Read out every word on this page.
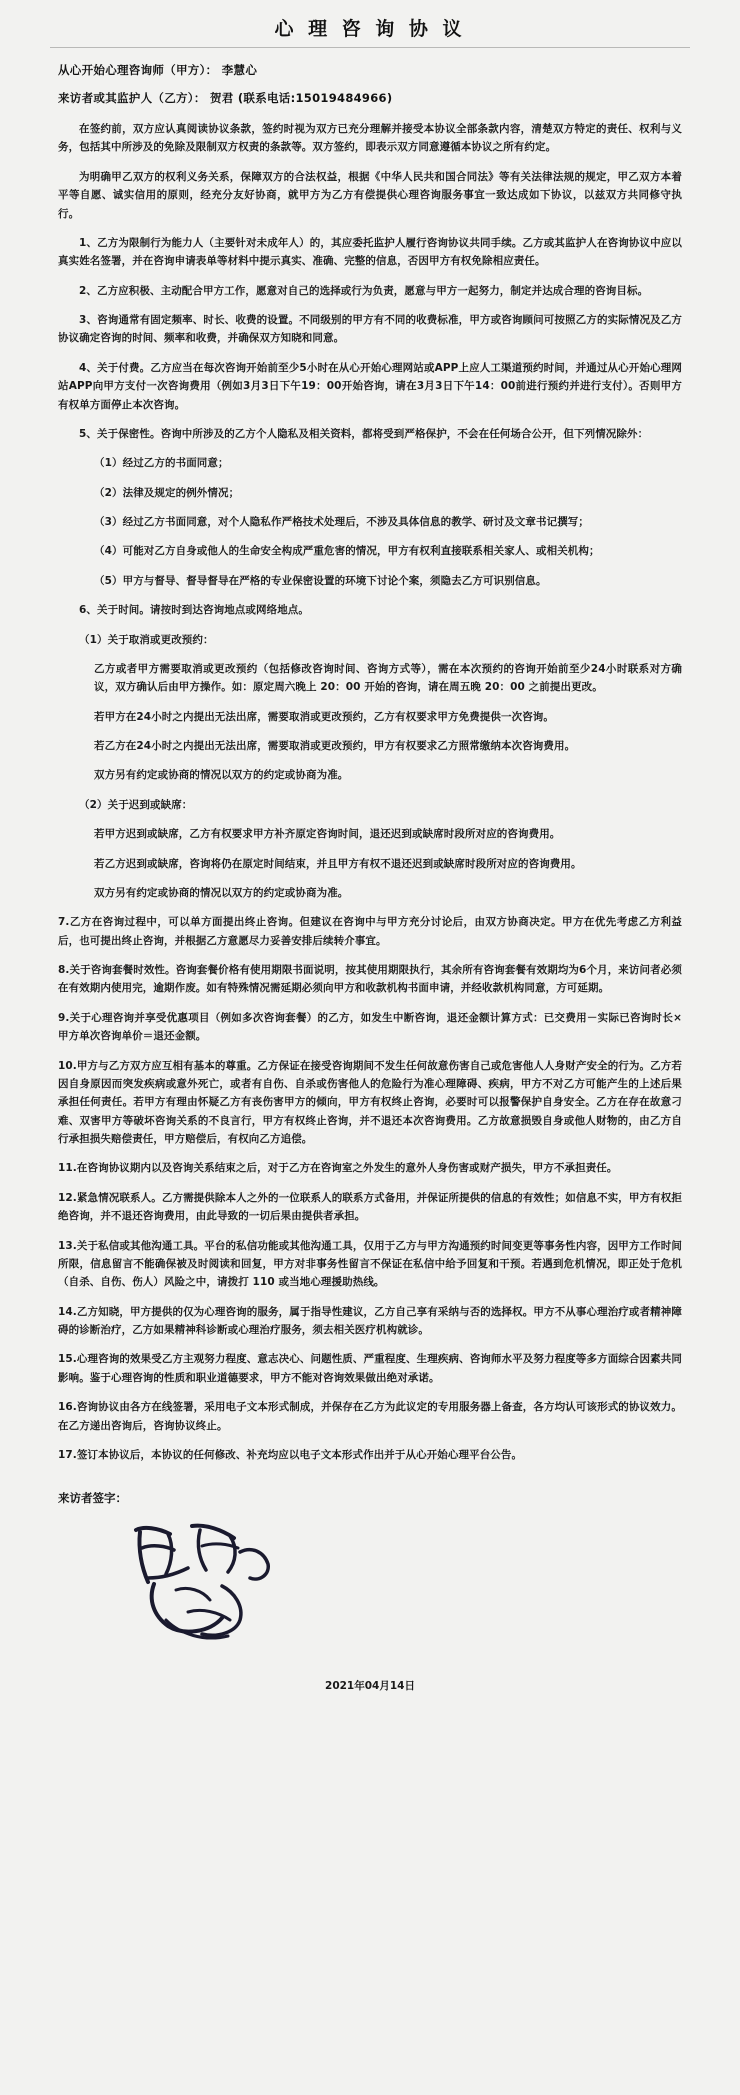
心 理 咨 询 协 议
从心开始心理咨询师（甲方）： 李慧心
来访者或其监护人（乙方）： 贺君 (联系电话:15019484966)

在签约前，双方应认真阅读协议条款，签约时视为双方已充分理解并接受本协议全部条款内容，清楚双方特定的责任、权利与义务，包括其中所涉及的免除及限制双方权责的条款等。双方签约，即表示双方同意遵循本协议之所有约定。

为明确甲乙双方的权利义务关系，保障双方的合法权益，根据《中华人民共和国合同法》等有关法律法规的规定，甲乙双方本着平等自愿、诚实信用的原则，经充分友好协商，就甲方为乙方有偿提供心理咨询服务事宜一致达成如下协议，以兹双方共同修守执行。

1、乙方为限制行为能力人（主要针对未成年人）的，其应委托监护人履行咨询协议共同手续。乙方或其监护人在咨询协议中应以真实姓名签署，并在咨询申请表单等材料中提示真实、准确、完整的信息，否因甲方有权免除相应责任。

2、乙方应积极、主动配合甲方工作，愿意对自己的选择或行为负责，愿意与甲方一起努力，制定并达成合理的咨询目标。

3、咨询通常有固定频率、时长、收费的设置。不同级别的甲方有不同的收费标准，甲方或咨询顾问可按照乙方的实际情况及乙方协议确定咨询的时间、频率和收费，并确保双方知晓和同意。

4、关于付费。乙方应当在每次咨询开始前至少5小时在从心开始心理网站或APP上应人工渠道预约时间，并通过从心开始心理网站APP向甲方支付一次咨询费用（例如3月3日下午19：00开始咨询，请在3月3日下午14：00前进行预约并进行支付）。否则甲方有权单方面停止本次咨询。

5、关于保密性。咨询中所涉及的乙方个人隐私及相关资料，都将受到严格保护，不会在任何场合公开，但下列情况除外：

（1）经过乙方的书面同意；

（2）法律及规定的例外情况；

（3）经过乙方书面同意，对个人隐私作严格技术处理后，不涉及具体信息的教学、研讨及文章书记撰写；

（4）可能对乙方自身或他人的生命安全构成严重危害的情况，甲方有权利直接联系相关家人、或相关机构；

（5）甲方与督导、督导督导在严格的专业保密设置的环境下讨论个案，须隐去乙方可识别信息。

6、关于时间。请按时到达咨询地点或网络地点。

（1）关于取消或更改预约：

乙方或者甲方需要取消或更改预约（包括修改咨询时间、咨询方式等），需在本次预约的咨询开始前至少24小时联系对方确议，双方确认后由甲方操作。如：原定周六晚上 20：00 开始的咨询，请在周五晚 20：00 之前提出更改。

若甲方在24小时之内提出无法出席，需要取消或更改预约，乙方有权要求甲方免费提供一次咨询。

若乙方在24小时之内提出无法出席，需要取消或更改预约，甲方有权要求乙方照常缴纳本次咨询费用。

双方另有约定或协商的情况以双方的约定或协商为准。

（2）关于迟到或缺席：

若甲方迟到或缺席，乙方有权要求甲方补齐原定咨询时间，退还迟到或缺席时段所对应的咨询费用。

若乙方迟到或缺席，咨询将仍在原定时间结束，并且甲方有权不退还迟到或缺席时段所对应的咨询费用。

双方另有约定或协商的情况以双方的约定或协商为准。

7.乙方在咨询过程中，可以单方面提出终止咨询。但建议在咨询中与甲方充分讨论后，由双方协商决定。甲方在优先考虑乙方利益后，也可提出终止咨询，并根据乙方意愿尽力妥善安排后续转介事宜。

8.关于咨询套餐时效性。咨询套餐价格有使用期限书面说明，按其使用期限执行，其余所有咨询套餐有效期均为6个月，来访问者必须在有效期内使用完，逾期作废。如有特殊情况需延期必须向甲方和收款机构书面申请，并经收款机构同意，方可延期。

9.关于心理咨询并享受优惠项目（例如多次咨询套餐）的乙方，如发生中断咨询，退还金额计算方式：已交费用－实际已咨询时长×甲方单次咨询单价＝退还金额。

10.甲方与乙方双方应互相有基本的尊重。乙方保证在接受咨询期间不发生任何故意伤害自己或危害他人人身财产安全的行为。乙方若因自身原因而突发疾病或意外死亡，或者有自伤、自杀或伤害他人的危险行为准心理障碍、疾病，甲方不对乙方可能产生的上述后果承担任何责任。若甲方有理由怀疑乙方有丧伤害甲方的倾向，甲方有权终止咨询，必要时可以报警保护自身安全。乙方在存在故意刁难、双害甲方等破坏咨询关系的不良言行，甲方有权终止咨询，并不退还本次咨询费用。乙方故意损毁自身或他人财物的，由乙方自行承担损失赔偿责任，甲方赔偿后，有权向乙方追偿。

11.在咨询协议期内以及咨询关系结束之后，对于乙方在咨询室之外发生的意外人身伤害或财产损失，甲方不承担责任。

12.紧急情况联系人。乙方需提供除本人之外的一位联系人的联系方式备用，并保证所提供的信息的有效性；如信息不实，甲方有权拒绝咨询，并不退还咨询费用，由此导致的一切后果由提供者承担。

13.关于私信或其他沟通工具。平台的私信功能或其他沟通工具，仅用于乙方与甲方沟通预约时间变更等事务性内容，因甲方工作时间所限，信息留言不能确保被及时阅读和回复，甲方对非事务性留言不保证在私信中给予回复和干预。若遇到危机情况，即正处于危机（自杀、自伤、伤人）风险之中，请拨打 110 或当地心理援助热线。

14.乙方知晓，甲方提供的仅为心理咨询的服务，属于指导性建议，乙方自己享有采纳与否的选择权。甲方不从事心理治疗或者精神障碍的诊断治疗，乙方如果精神科诊断或心理治疗服务，须去相关医疗机构就诊。

15.心理咨询的效果受乙方主观努力程度、意志决心、问题性质、严重程度、生理疾病、咨询师水平及努力程度等多方面综合因素共同影响。鉴于心理咨询的性质和职业道德要求，甲方不能对咨询效果做出绝对承诺。

16.咨询协议由各方在线签署，采用电子文本形式制成，并保存在乙方为此议定的专用服务器上备查，各方均认可该形式的协议效力。在乙方递出咨询后，咨询协议终止。

17.签订本协议后，本协议的任何修改、补充均应以电子文本形式作出并于从心开始心理平台公告。

来访者签字：
2021年04月14日
